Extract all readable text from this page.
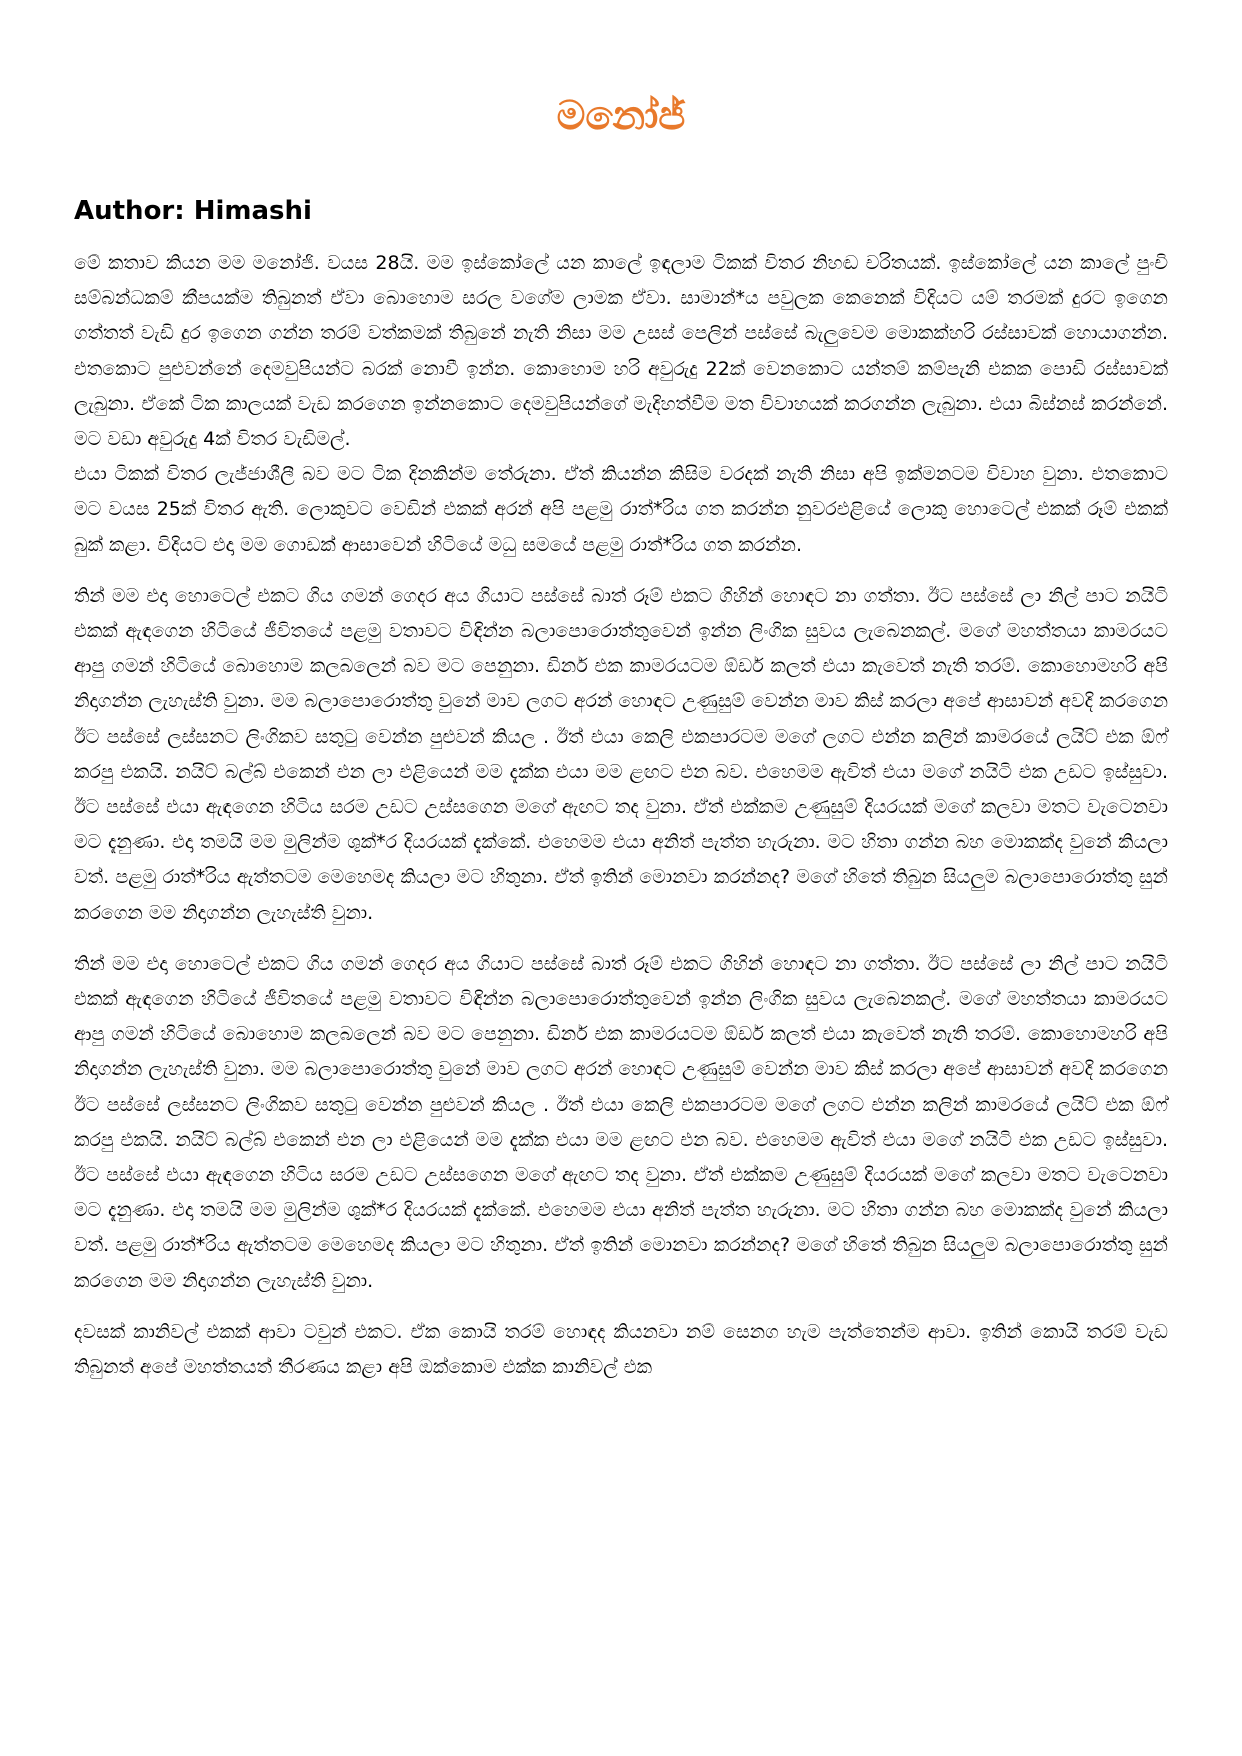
මනෝජ්
Author: Himashi

මේ කතාව කියන මම මනෝජි. වයස 28යි. මම ඉස්කෝලේ යන කාලේ ඉඳලාම ටිකක් විතර නිහඬ චරිතයක්. ඉස්කෝලේ යන කාලේ පුංචි සම්බන්ධකම් කීපයක්ම තිබුනත් ඒවා බොහොම සරල වගේම ලාමක ඒවා. සාමාන්*ය පවුලක කෙනෙක් විදියට යම් තරමක් දුරට ඉගෙන ගත්තත් වැඩි දුර ඉගෙන ගන්න තරම් වත්කමක් තිබුනේ නැති නිසා මම උසස් පෙලින් පස්සේ බැලුවෙම මොකක්හරි රස්සාවක් හොයාගන්න. එතකොට පුළුවන්නේ දෙමවුපියන්ට බරක් නොවී ඉන්න. කොහොම හරි අවුරුදු 22ක් වෙනකොට යන්තම් කම්පැනි එකක පොඩි රස්සාවක් ලැබුනා. ඒකේ ටික කාලයක් වැඩ කරගෙන ඉන්නකොට දෙමවුපියන්ගේ මැදිහත්වීම මත විවාහයක් කරගන්න ලැබුනා. එයා බිස්නස් කරන්නේ. මට වඩා අවුරුදු 4ක් විතර වැඩිමල්.

එයා ටිකක් විතර ලැජ්ජාශීලී බව මට ටික දිනකින්ම තේරුනා. ඒත් කියන්න කිසිම වරදක් නැති නිසා අපි ඉක්මනටම විවාහ වුනා. එතකොට මට වයස 25ක් විතර ඇති. ලොකුවට වෙඩින් එකක් අරන් අපි පළමු රාත්*රිය ගත කරන්න නුවරඑළියේ ලොකු හොටෙල් එකක් රූම් එකක් බුක් කළා. විදියට එදා මම ගොඩක් ආසාවෙන් හිටියේ මධු සමයේ පළමු රාත්*රිය ගත කරන්න.

තින් මම එදා හොටෙල් එකට ගිය ගමන් ගෙදර අය ගියාට පස්සේ බාත් රූම් එකට ගිහින් හොඳට නා ගත්තා. ඊට පස්සේ ලා නිල් පාට නයිටි එකක් ඇඳගෙන හිටියේ ජීවිතයේ පළමු වතාවට විඳින්න බලාපොරොත්තුවෙන් ඉන්න ලිංගික සුවය ලැබෙනකල්. මගේ මහත්තයා කාමරයට ආපු ගමන් හිටියේ බොහොම කලබලෙන් බව මට පෙනුනා. ඩිනර් එක කාමරයටම ඕඩර් කලත් එයා කැවෙත් නැති තරම්. කොහොමහරි අපි නිදාගන්න ලැහැස්ති වුනා. මම බලාපොරොත්තු වුනේ මාව ලගට අරන් හොඳට උණුසුම් වෙන්න මාව කිස් කරලා අපේ ආසාවන් අවදි කරගෙන ඊට පස්සේ ලස්සනට ලිංගිකව සතුටු වෙන්න පුළුවන් කියල . ඊත් එයා කෙලි එකපාරටම මගේ ලගට එන්න කලින් කාමරයේ ලයිට් එක ඕෆ් කරපු එකයි. නයිට් බල්බ් එකෙන් එන ලා එළියෙන් මම දැක්ක එයා මම ළඟට එන බව. එහෙමම ඇවිත් එයා මගේ නයිටි එක උඩට ඉස්සුවා. ඊට පස්සේ එයා ඇඳගෙන හිටිය සරම උඩට උස්සගෙන මගේ ඇඟට තද වුනා. ඒත් එක්කම උණුසුම් දියරයක් මගේ කලවා මතට වැටෙනවා මට දැනුණා. එදා තමයි මම මුලින්ම ශුක්*ර දියරයක් දැක්කේ. එහෙමම එයා අනිත් පැත්ත හැරුනා. මට හිතා ගන්න බහ මොකක්ද වුනේ කියලා වත්. පළමු රාත්*රිය ඇත්තටම මෙහෙමද කියලා මට හිතුනා. ඒත් ඉතින් මොනවා කරන්නද? මගේ හිතේ තිබුන සියලුම බලාපොරොත්තු සුන් කරගෙන මම නිදාගන්න ලැහැස්ති වුනා.

තින් මම එදා හොටෙල් එකට ගිය ගමන් ගෙදර අය ගියාට පස්සේ බාත් රූම් එකට ගිහින් හොඳට නා ගත්තා. ඊට පස්සේ ලා නිල් පාට නයිටි එකක් ඇඳගෙන හිටියේ ජීවිතයේ පළමු වතාවට විඳින්න බලාපොරොත්තුවෙන් ඉන්න ලිංගික සුවය ලැබෙනකල්. මගේ මහත්තයා කාමරයට ආපු ගමන් හිටියේ බොහොම කලබලෙන් බව මට පෙනුනා. ඩිනර් එක කාමරයටම ඕඩර් කලත් එයා කැවෙත් නැති තරම්. කොහොමහරි අපි නිදාගන්න ලැහැස්ති වුනා. මම බලාපොරොත්තු වුනේ මාව ලගට අරන් හොඳට උණුසුම් වෙන්න මාව කිස් කරලා අපේ ආසාවන් අවදි කරගෙන ඊට පස්සේ ලස්සනට ලිංගිකව සතුටු වෙන්න පුළුවන් කියල . ඊත් එයා කෙලි එකපාරටම මගේ ලගට එන්න කලින් කාමරයේ ලයිට් එක ඕෆ් කරපු එකයි. නයිට් බල්බ් එකෙන් එන ලා එළියෙන් මම දැක්ක එයා මම ළඟට එන බව. එහෙමම ඇවිත් එයා මගේ නයිටි එක උඩට ඉස්සුවා. ඊට පස්සේ එයා ඇඳගෙන හිටිය සරම උඩට උස්සගෙන මගේ ඇඟට තද වුනා. ඒත් එක්කම උණුසුම් දියරයක් මගේ කලවා මතට වැටෙනවා මට දැනුණා. එදා තමයි මම මුලින්ම ශුක්*ර දියරයක් දැක්කේ. එහෙමම එයා අනිත් පැත්ත හැරුනා. මට හිතා ගන්න බහ මොකක්ද වුනේ කියලා වත්. පළමු රාත්*රිය ඇත්තටම මෙහෙමද කියලා මට හිතුනා. ඒත් ඉතින් මොනවා කරන්නද? මගේ හිතේ තිබුන සියලුම බලාපොරොත්තු සුන් කරගෙන මම නිදාගන්න ලැහැස්ති වුනා.

දවසක් කානිවල් එකක් ආවා ටවුන් එකට. ඒක කොයි තරම් හොඳද කියනවා නම් සෙනග හැම පැත්තෙන්ම ආවා. ඉතින් කොයි තරම් වැඩ තිබුනත් අපේ මහත්තයත් තීරණය කළා අපි ඔක්කොම එක්ක කානිවල් එක
